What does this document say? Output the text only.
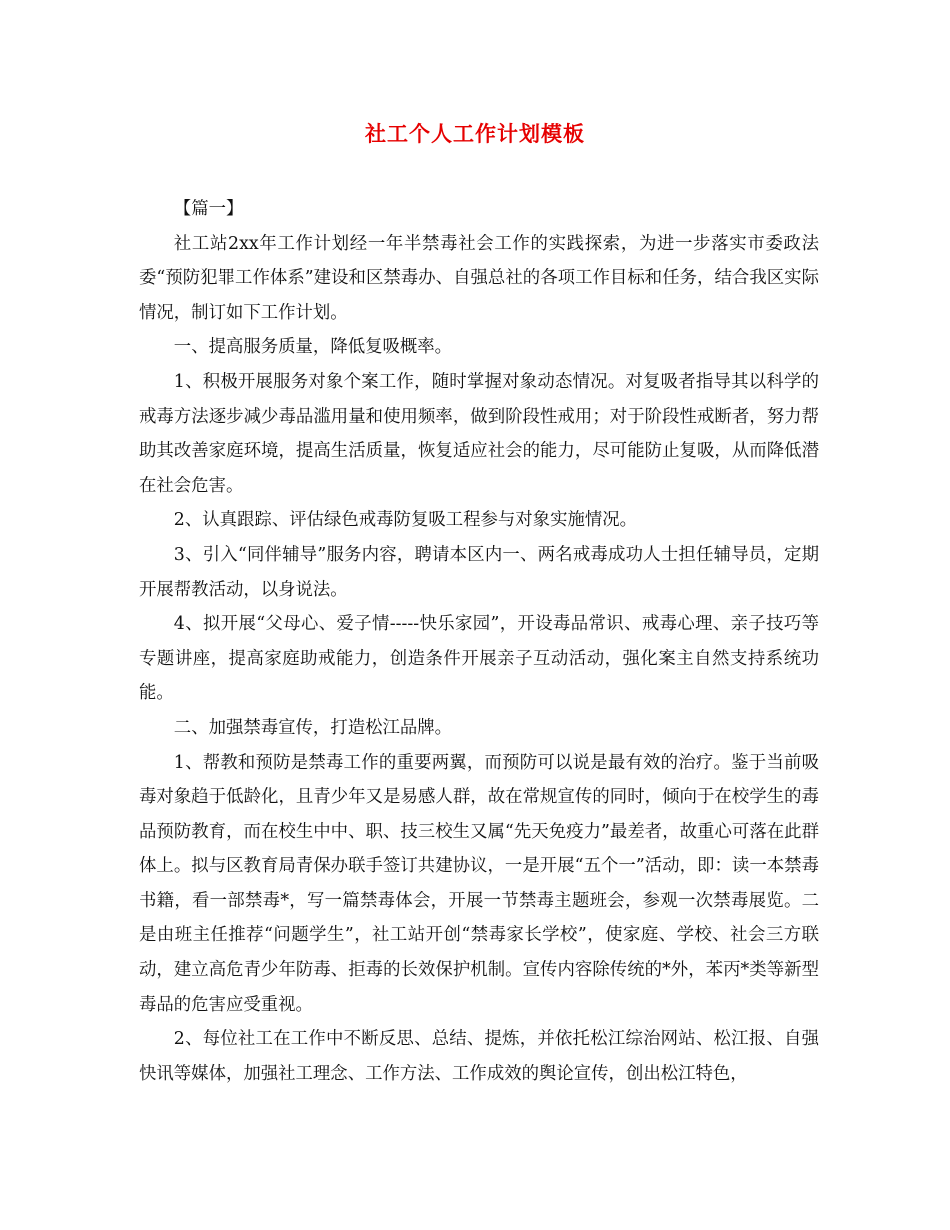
社工个人工作计划模板

【篇一】

社工站2xx年工作计划经一年半禁毒社会工作的实践探索，为进一步落实市委政法委“预防犯罪工作体系”建设和区禁毒办、自强总社的各项工作目标和任务，结合我区实际情况，制订如下工作计划。

一、提高服务质量，降低复吸概率。

1、积极开展服务对象个案工作，随时掌握对象动态情况。对复吸者指导其以科学的戒毒方法逐步减少毒品滥用量和使用频率，做到阶段性戒用；对于阶段性戒断者，努力帮助其改善家庭环境，提高生活质量，恢复适应社会的能力，尽可能防止复吸，从而降低潜在社会危害。

2、认真跟踪、评估绿色戒毒防复吸工程参与对象实施情况。

3、引入“同伴辅导”服务内容，聘请本区内一、两名戒毒成功人士担任辅导员，定期开展帮教活动，以身说法。

4、拟开展“父母心、爱子情-----快乐家园”，开设毒品常识、戒毒心理、亲子技巧等专题讲座，提高家庭助戒能力，创造条件开展亲子互动活动，强化案主自然支持系统功能。

二、加强禁毒宣传，打造松江品牌。

1、帮教和预防是禁毒工作的重要两翼，而预防可以说是最有效的治疗。鉴于当前吸毒对象趋于低龄化，且青少年又是易感人群，故在常规宣传的同时，倾向于在校学生的毒品预防教育，而在校生中中、职、技三校生又属“先天免疫力”最差者，故重心可落在此群体上。拟与区教育局青保办联手签订共建协议，一是开展“五个一”活动，即：读一本禁毒书籍，看一部禁毒*，写一篇禁毒体会，开展一节禁毒主题班会，参观一次禁毒展览。二是由班主任推荐“问题学生”，社工站开创“禁毒家长学校”，使家庭、学校、社会三方联动，建立高危青少年防毒、拒毒的长效保护机制。宣传内容除传统的*外，苯丙*类等新型毒品的危害应受重视。

2、每位社工在工作中不断反思、总结、提炼，并依托松江综治网站、松江报、自强快讯等媒体，加强社工理念、工作方法、工作成效的舆论宣传，创出松江特色，
